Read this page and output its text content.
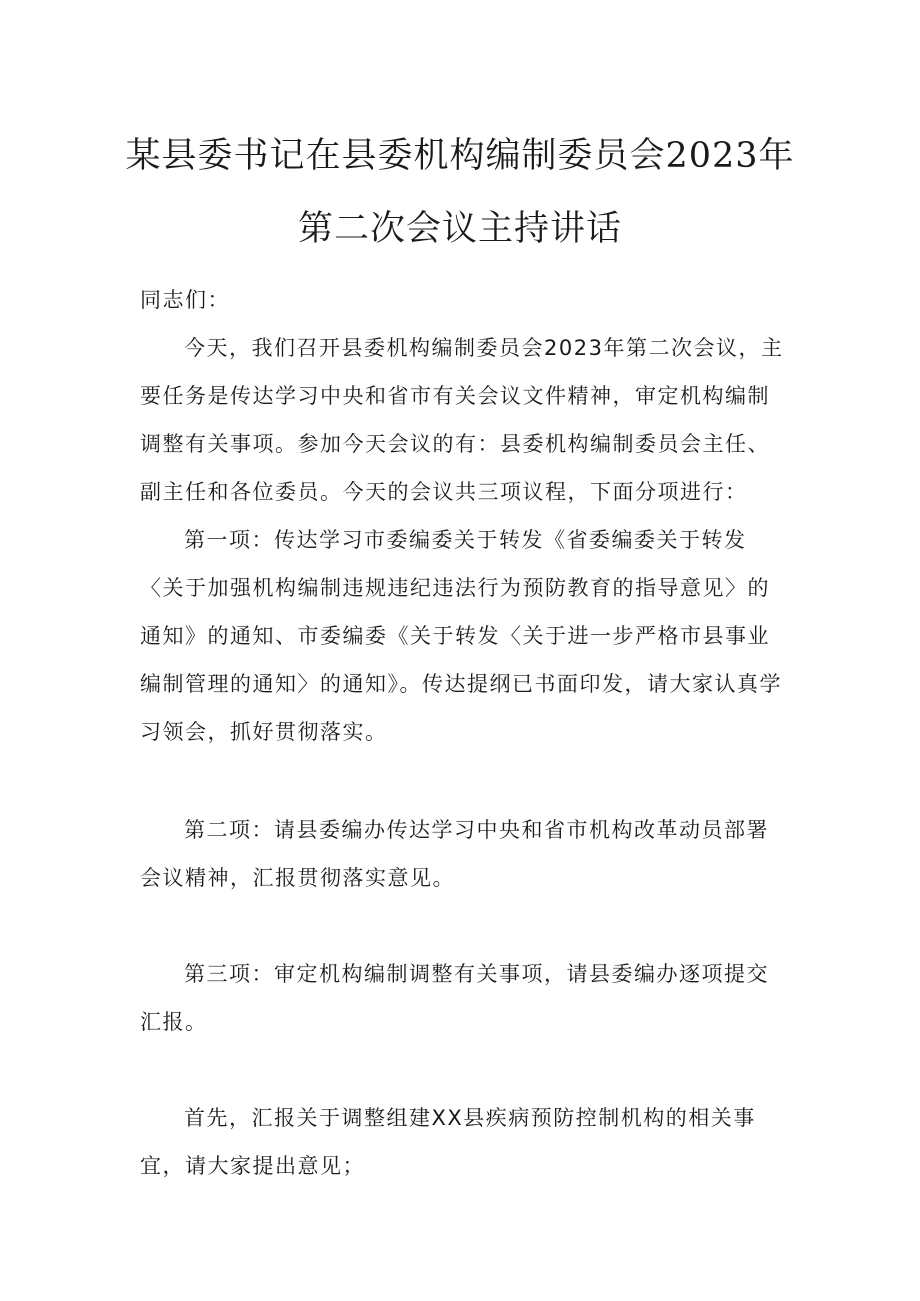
某县委书记在县委机构编制委员会2023年
第二次会议主持讲话

同志们：

今天，我们召开县委机构编制委员会2023年第二次会议，主要任务是传达学习中央和省市有关会议文件精神，审定机构编制调整有关事项。参加今天会议的有：县委机构编制委员会主任、副主任和各位委员。今天的会议共三项议程，下面分项进行：

第一项：传达学习市委编委关于转发《省委编委关于转发〈关于加强机构编制违规违纪违法行为预防教育的指导意见〉的通知》的通知、市委编委《关于转发〈关于进一步严格市县事业编制管理的通知〉的通知》。传达提纲已书面印发，请大家认真学习领会，抓好贯彻落实。

第二项：请县委编办传达学习中央和省市机构改革动员部署会议精神，汇报贯彻落实意见。

第三项：审定机构编制调整有关事项，请县委编办逐项提交汇报。

首先，汇报关于调整组建XX县疾病预防控制机构的相关事宜，请大家提出意见；
